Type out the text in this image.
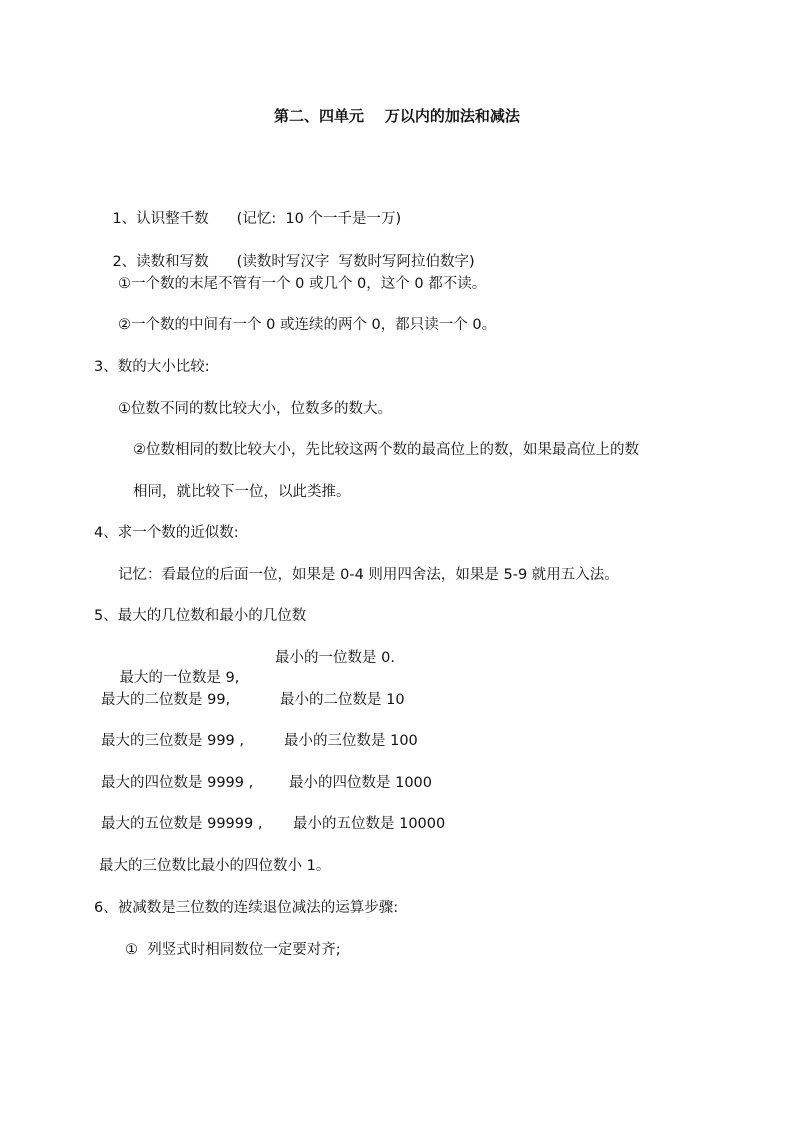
第二、四单元    万以内的加法和减法

1、认识整千数 (记忆:  10 个一千是一万)

2、读数和写数 (读数时写汉字  写数时写阿拉伯数字)

①一个数的末尾不管有一个 0 或几个 0，这个 0 都不读。
②一个数的中间有一个 0 或连续的两个 0，都只读一个 0。
3、数的大小比较:
①位数不同的数比较大小，位数多的数大。
②位数相同的数比较大小，先比较这两个数的最高位上的数，如果最高位上的数
相同，就比较下一位，以此类推。
4、求一个数的近似数:
记忆：看最位的后面一位，如果是 0-4 则用四舍法，如果是 5-9 就用五入法。
5、最大的几位数和最小的几位数

最大的一位数是 9,

最小的一位数是 0.
最大的二位数是 99,	最小的二位数是 10
最大的三位数是 999 ,	最小的三位数是 100
最大的四位数是 9999 , 最小的四位数是 1000
最大的五位数是 99999 , 最小的五位数是 10000
最大的三位数比最小的四位数小 1。
6、被减数是三位数的连续退位减法的运算步骤:
①  列竖式时相同数位一定要对齐;
